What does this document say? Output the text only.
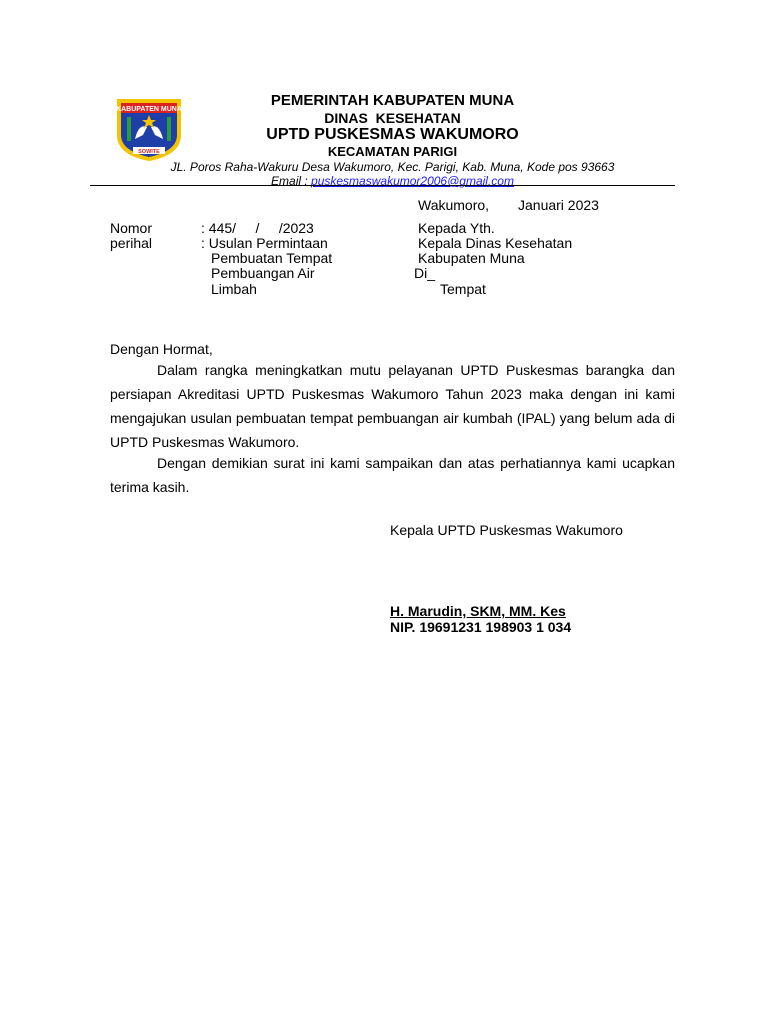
KABUPATEN MUNA
SOWITE
PEMERINTAH KABUPATEN MUNA
DINAS  KESEHATAN
UPTD PUSKESMAS WAKUMORO
KECAMATAN PARIGI
JL. Poros Raha-Wakuru Desa Wakumoro, Kec. Parigi, Kab. Muna, Kode pos 93663
Email : puskesmaswakumor2006@gmail.com
Wakumoro, Januari 2023
Nomor	: 445/     /     /2023
perihal	: Usulan Permintaan
Pembuatan Tempat
Pembuangan Air
Limbah
Kepada Yth.
Kepala Dinas Kesehatan
Kabupaten Muna
Di_
Tempat
Dengan Hormat,
Dalam rangka meningkatkan mutu pelayanan UPTD Puskesmas barangka dan persiapan Akreditasi UPTD Puskesmas Wakumoro Tahun 2023 maka dengan ini kami mengajukan usulan pembuatan tempat pembuangan air kumbah (IPAL) yang belum ada di UPTD Puskesmas Wakumoro.
Dengan demikian surat ini kami sampaikan dan atas perhatiannya kami ucapkan terima kasih.
Kepala UPTD Puskesmas Wakumoro
H. Marudin, SKM, MM. Kes
NIP. 19691231 198903 1 034
